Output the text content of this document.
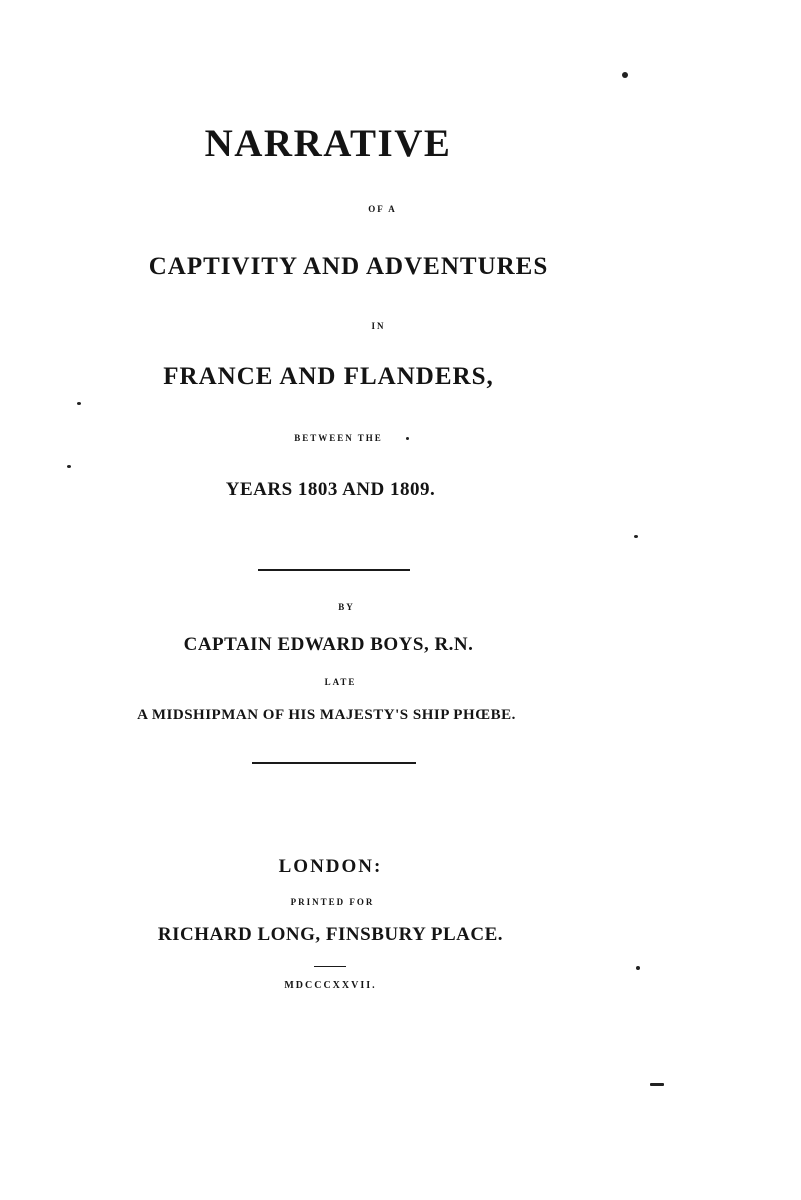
NARRATIVE
OF A
CAPTIVITY AND ADVENTURES
IN
FRANCE AND FLANDERS,
BETWEEN THE
YEARS 1803 AND 1809.
BY
CAPTAIN EDWARD BOYS, R.N.
LATE
A MIDSHIPMAN OF HIS MAJESTY'S SHIP PHŒBE.
LONDON:
PRINTED FOR
RICHARD LONG, FINSBURY PLACE.
MDCCCXXVII.
